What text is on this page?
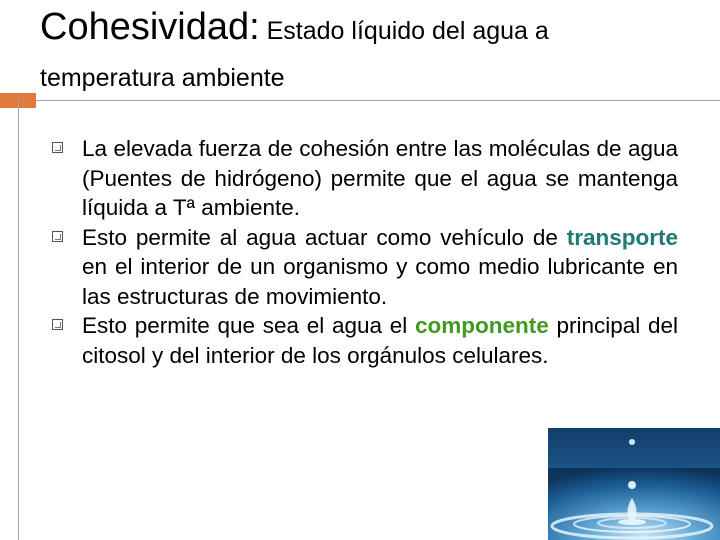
Cohesividad: Estado líquido del agua a
temperatura ambiente
La elevada fuerza de cohesión entre las moléculas de agua (Puentes de hidrógeno) permite que el agua se mantenga líquida a Tª ambiente.
Esto permite al agua actuar como vehículo de transporte en el interior de un organismo y como medio lubricante en las estructuras de movimiento.
Esto permite que sea el agua el componente principal del citosol y del interior de los orgánulos celulares.
